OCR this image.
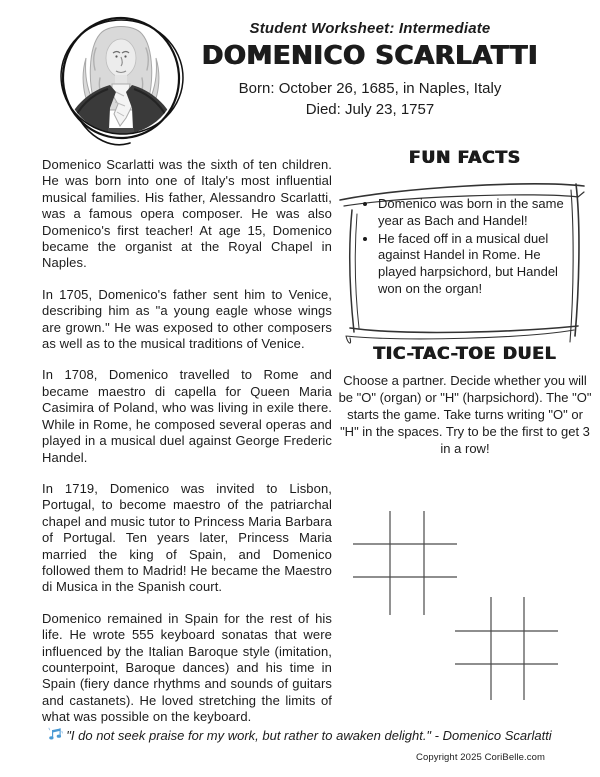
Student Worksheet: Intermediate
DOMENICO SCARLATTI
Born: October 26, 1685, in Naples, Italy
Died: July 23, 1757

Domenico Scarlatti was the sixth of ten children. He was born into one of Italy's most influential musical families. His father, Alessandro Scarlatti, was a famous opera composer. He was also Domenico's first teacher! At age 15, Domenico became the organist at the Royal Chapel in Naples.

In 1705, Domenico's father sent him to Venice, describing him as "a young eagle whose wings are grown." He was exposed to other composers as well as to the musical traditions of Venice.

In 1708, Domenico travelled to Rome and became maestro di capella for Queen Maria Casimira of Poland, who was living in exile there. While in Rome, he composed several operas and played in a musical duel against George Frederic Handel.

In 1719, Domenico was invited to Lisbon, Portugal, to become maestro of the patriarchal chapel and music tutor to Princess Maria Barbara of Portugal. Ten years later, Princess Maria married the king of Spain, and Domenico followed them to Madrid! He became the Maestro di Musica in the Spanish court.

Domenico remained in Spain for the rest of his life. He wrote 555 keyboard sonatas that were influenced by the Italian Baroque style (imitation, counterpoint, Baroque dances) and his time in Spain (fiery dance rhythms and sounds of guitars and castanets). He loved stretching the limits of what was possible on the keyboard.

FUN FACTS
• Domenico was born in the same year as Bach and Handel!
• He faced off in a musical duel against Handel in Rome. He played harpsichord, but Handel won on the organ!
TIC-TAC-TOE DUEL
Choose a partner. Decide whether you will be "O" (organ) or "H" (harpsichord). The "O" starts the game. Take turns writing "O" or "H" in the spaces. Try to be the first to get 3 in a row!
"I do not seek praise for my work, but rather to awaken delight." - Domenico Scarlatti
Copyright 2025 CoriBelle.com
